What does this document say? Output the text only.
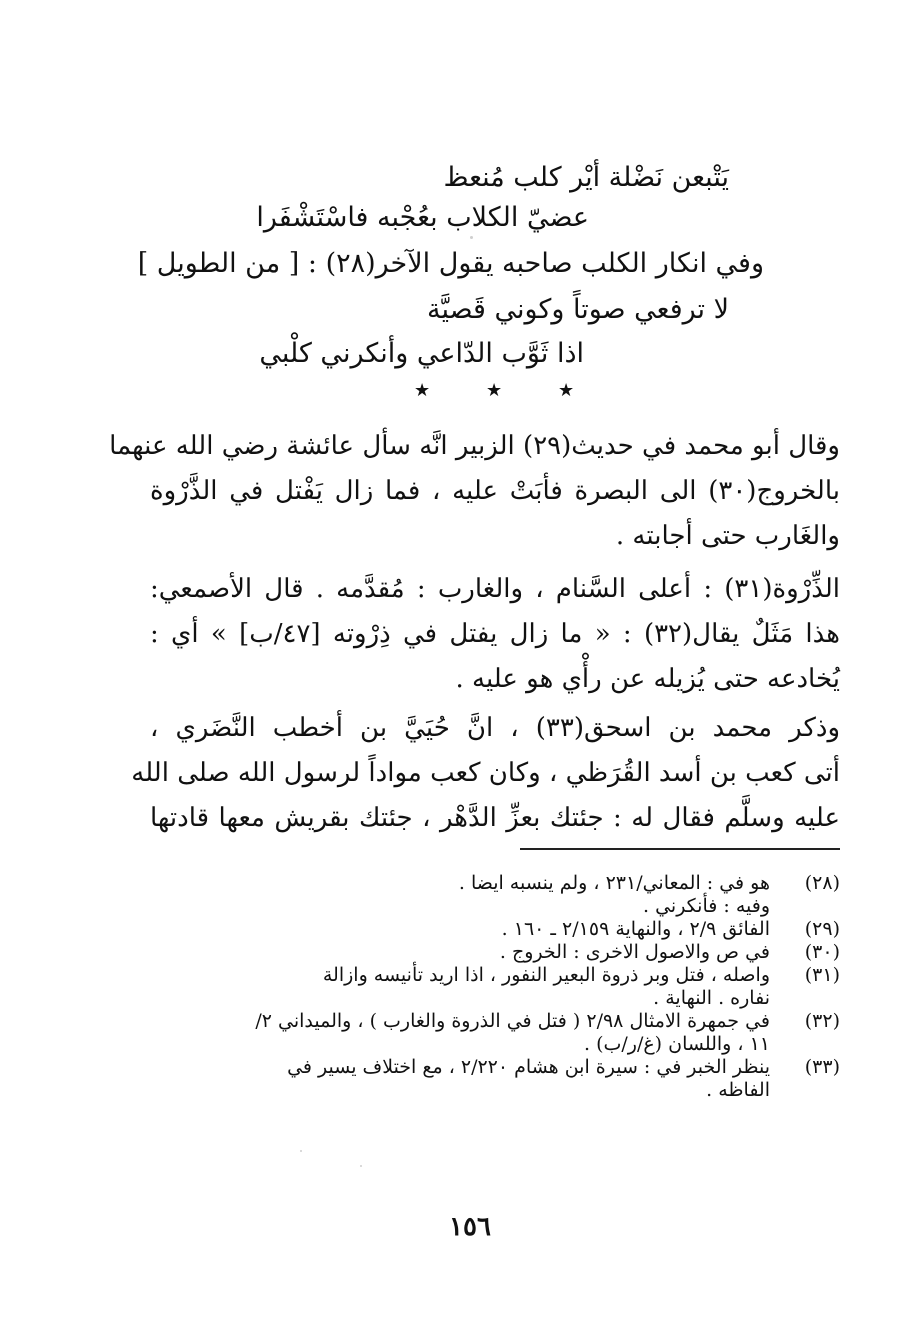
يَتْبعن نَضْلة أيْر كلب مُنعظ
عضيّ الكلاب بعُجْبه فاسْتَشْفَرا
وفي انكار الكلب صاحبه يقول الآخر(٢٨) : [ من الطويل ]
لا ترفعي صوتاً وكوني قَصيَّة
اذا ثَوَّب الدّاعي وأنكرني كلْبي
★	★	★
وقال أبو محمد في حديث(٢٩) الزبير انَّه سأل عائشة رضي الله عنهما
بالخروج(٣٠) الى البصرة فأبَتْ عليه ، فما زال يَفْتل في الذَّرْوة
والغَارب حتى أجابته .
الذِّرْوة(٣١) : أعلى السَّنام ، والغارب : مُقدَّمه . قال الأصمعي:
هذا مَثَلٌ يقال(٣٢) : « ما زال يفتل في ذِرْوته [٤٧/ب] » أي :
يُخادعه حتى يُزيله عن رأْي هو عليه .
وذكر محمد بن اسحق(٣٣) ، انَّ حُيَيَّ بن أخطب النَّضَري ،
أتى كعب بن أسد القُرَظي ، وكان كعب مواداً لرسول الله صلى الله
عليه وسلَّم فقال له : جئتك بعزِّ الدَّهْر ، جئتك بقريش معها قادتها
(٢٨)
هو في : المعاني/٢٣١ ، ولم ينسبه ايضا .
وفيه : فأنكرني .
(٢٩)
الفائق ٢/٩ ، والنهاية ٢/١٥٩ ـ ١٦٠ .
(٣٠)
في ص والاصول الاخرى : الخروج .
(٣١)
واصله ، فتل وبر ذروة البعير النفور ، اذا اريد تأنيسه وازالة
نفاره . النهاية .
(٣٢)
في جمهرة الامثال ٢/٩٨ ( فتل في الذروة والغارب ) ، والميداني ٢/
١١ ، واللسان (غ/ر/ب) .
(٣٣)
ينظر الخبر في : سيرة ابن هشام ٢/٢٢٠ ، مع اختلاف يسير في
الفاظه .
١٥٦
